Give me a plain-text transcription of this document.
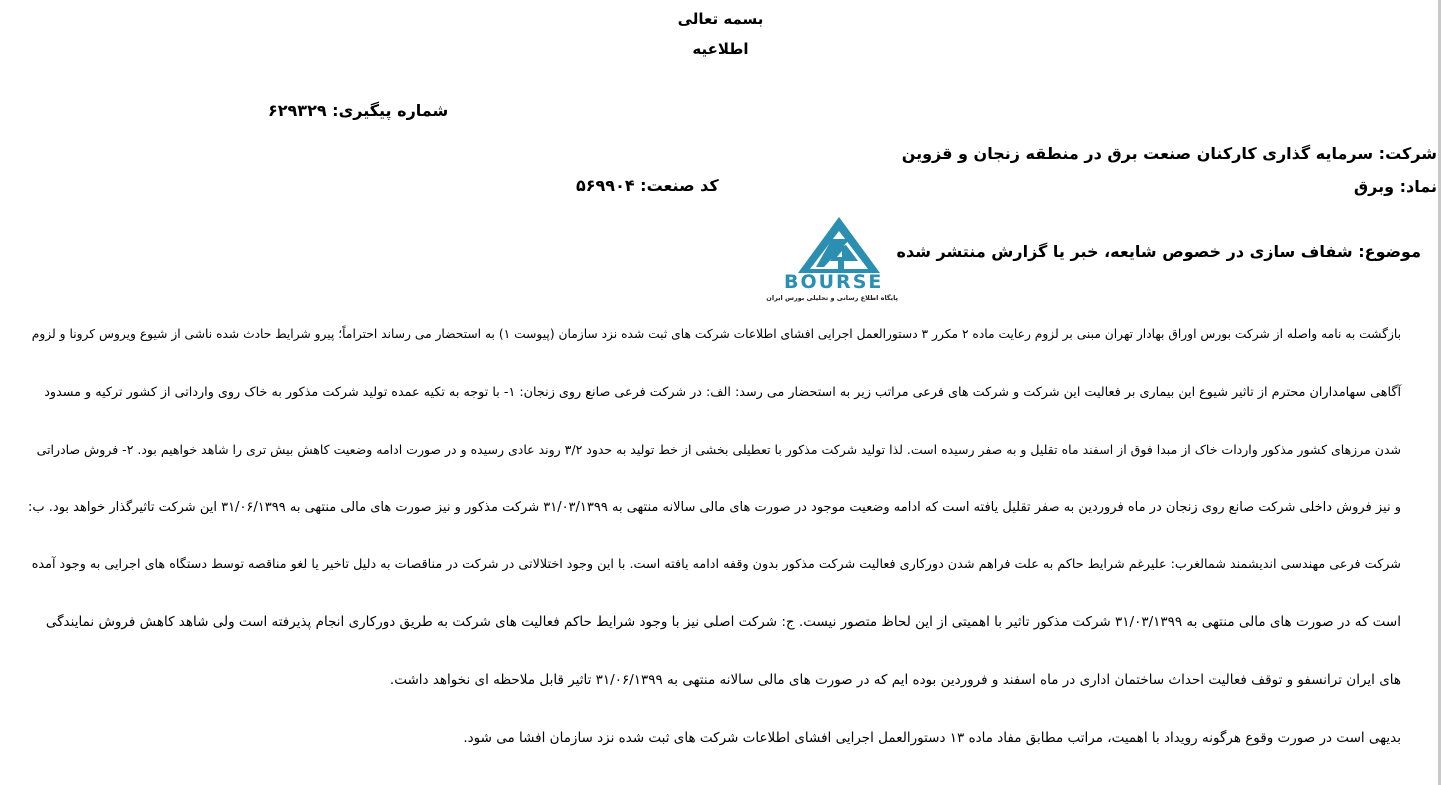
بسمه تعالی
اطلاعیه
شماره پیگیری: ۶۲۹۳۲۹
شرکت: سرمایه گذاری کارکنان صنعت برق در منطقه زنجان و قزوین
نماد: وبرق
کد صنعت: ۵۶۹۹۰۴
موضوع: شفاف سازی در خصوص شایعه، خبر یا گزارش منتشر شده
BOURSE
پایگاه اطلاع رسانی و تحلیلی بورس ایران
بازگشت به نامه واصله از شرکت بورس اوراق بهادار تهران مبنی بر لزوم رعایت ماده ۲ مکرر ۳ دستورالعمل اجرایی افشای اطلاعات شرکت های ثبت شده نزد سازمان (پیوست ۱) به استحضار می رساند احتراماً؛ پیرو شرایط حادث شده ناشی از شیوع ویروس کرونا و لزوم
آگاهی سهامداران محترم از تاثیر شیوع این بیماری بر فعالیت این شرکت و شرکت های فرعی مراتب زیر به استحضار می رسد: الف: در شرکت فرعی صانع روی زنجان: ۱- با توجه به تکیه عمده تولید شرکت مذکور به خاک روی وارداتی از کشور ترکیه و مسدود
شدن مرزهای کشور مذکور واردات خاک از مبدا فوق از اسفند ماه تقلیل و به صفر رسیده است. لذا تولید شرکت مذکور با تعطیلی بخشی از خط تولید به حدود ۳/۲ روند عادی رسیده و در صورت ادامه وضعیت کاهش بیش تری را شاهد خواهیم بود. ۲- فروش صادراتی
و نیز فروش داخلی شرکت صانع روی زنجان در ماه فروردین به صفر تقلیل یافته است که ادامه وضعیت موجود در صورت های مالی سالانه منتهی به ۳۱/۰۳/۱۳۹۹ شرکت مذکور و نیز صورت های مالی منتهی به ۳۱/۰۶/۱۳۹۹ این شرکت تاثیرگذار خواهد بود. ب:
شرکت فرعی مهندسی اندیشمند شمالغرب: علیرغم شرایط حاکم به علت فراهم شدن دورکاری فعالیت شرکت مذکور بدون وقفه ادامه یافته است. با این وجود اختلالاتی در شرکت در مناقصات به دلیل تاخیر یا لغو مناقصه توسط دستگاه های اجرایی به وجود آمده
است که در صورت های مالی منتهی به ۳۱/۰۳/۱۳۹۹ شرکت مذکور تاثیر با اهمیتی از این لحاظ متصور نیست. ج: شرکت اصلی نیز با وجود شرایط حاکم فعالیت های شرکت به طریق دورکاری انجام پذیرفته است ولی شاهد کاهش فروش نمایندگی
های ایران ترانسفو و توقف فعالیت احداث ساختمان اداری در ماه اسفند و فروردین بوده ایم که در صورت های مالی سالانه منتهی به ۳۱/۰۶/۱۳۹۹ تاثیر قابل ملاحظه ای نخواهد داشت.
بدیهی است در صورت وقوع هرگونه رویداد با اهمیت، مراتب مطابق مفاد ماده ۱۳ دستورالعمل اجرایی افشای اطلاعات شرکت های ثبت شده نزد سازمان افشا می شود.
